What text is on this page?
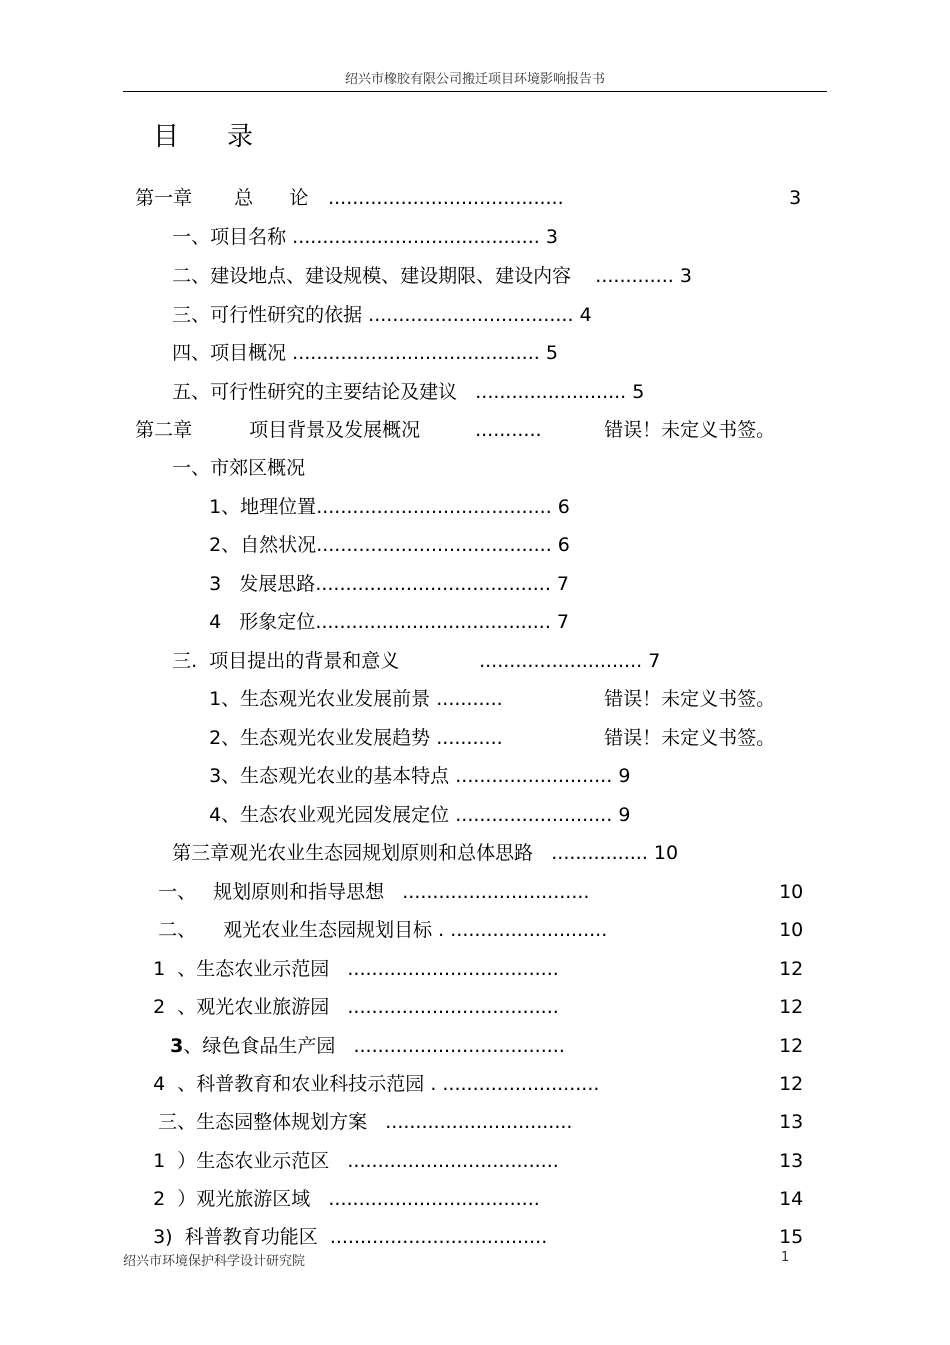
绍兴市橡胶有限公司搬迁项目环境影响报告书
目录

第一章	总      论	.......................................	3

一、项目名称 ......................................... 3

二、建设地点、建设规模、建设期限、建设内容 ............. 3

三、可行性研究的依据 .................................. 4

四、项目概况 ......................................... 5

五、可行性研究的主要结论及建议 ......................... 5

第二章	项目背景及发展概况	...........	错误！未定义书签。

一、市郊区概况

1、地理位置....................................... 6

2、自然状况....................................... 6

3   发展思路....................................... 7

4   形象定位....................................... 7

三.  项目提出的背景和意义	........................... 7

1、生态观光农业发展前景 ...........	错误！未定义书签。

2、生态观光农业发展趋势 ...........	错误！未定义书签。

3、生态观光农业的基本特点 .......................... 9

4、生态农业观光园发展定位 .......................... 9

第三章观光农业生态园规划原则和总体思路 ................ 10

一、 规划原则和指导思想 ...............................	10

二、	观光农业生态园规划目标 . ..........................	10

1  、生态农业示范园 ...................................	12

2  、观光农业旅游园 ...................................	12

3、绿色食品生产园 ...................................	12

4  、科普教育和农业科技示范园 . ..........................	12

三、生态园整体规划方案 ...............................	13

1  ）生态农业示范区 ...................................	13

2  ）观光旅游区域 ...................................	14

3) 科普教育功能区 ....................................	15

绍兴市环境保护科学设计研究院	1
